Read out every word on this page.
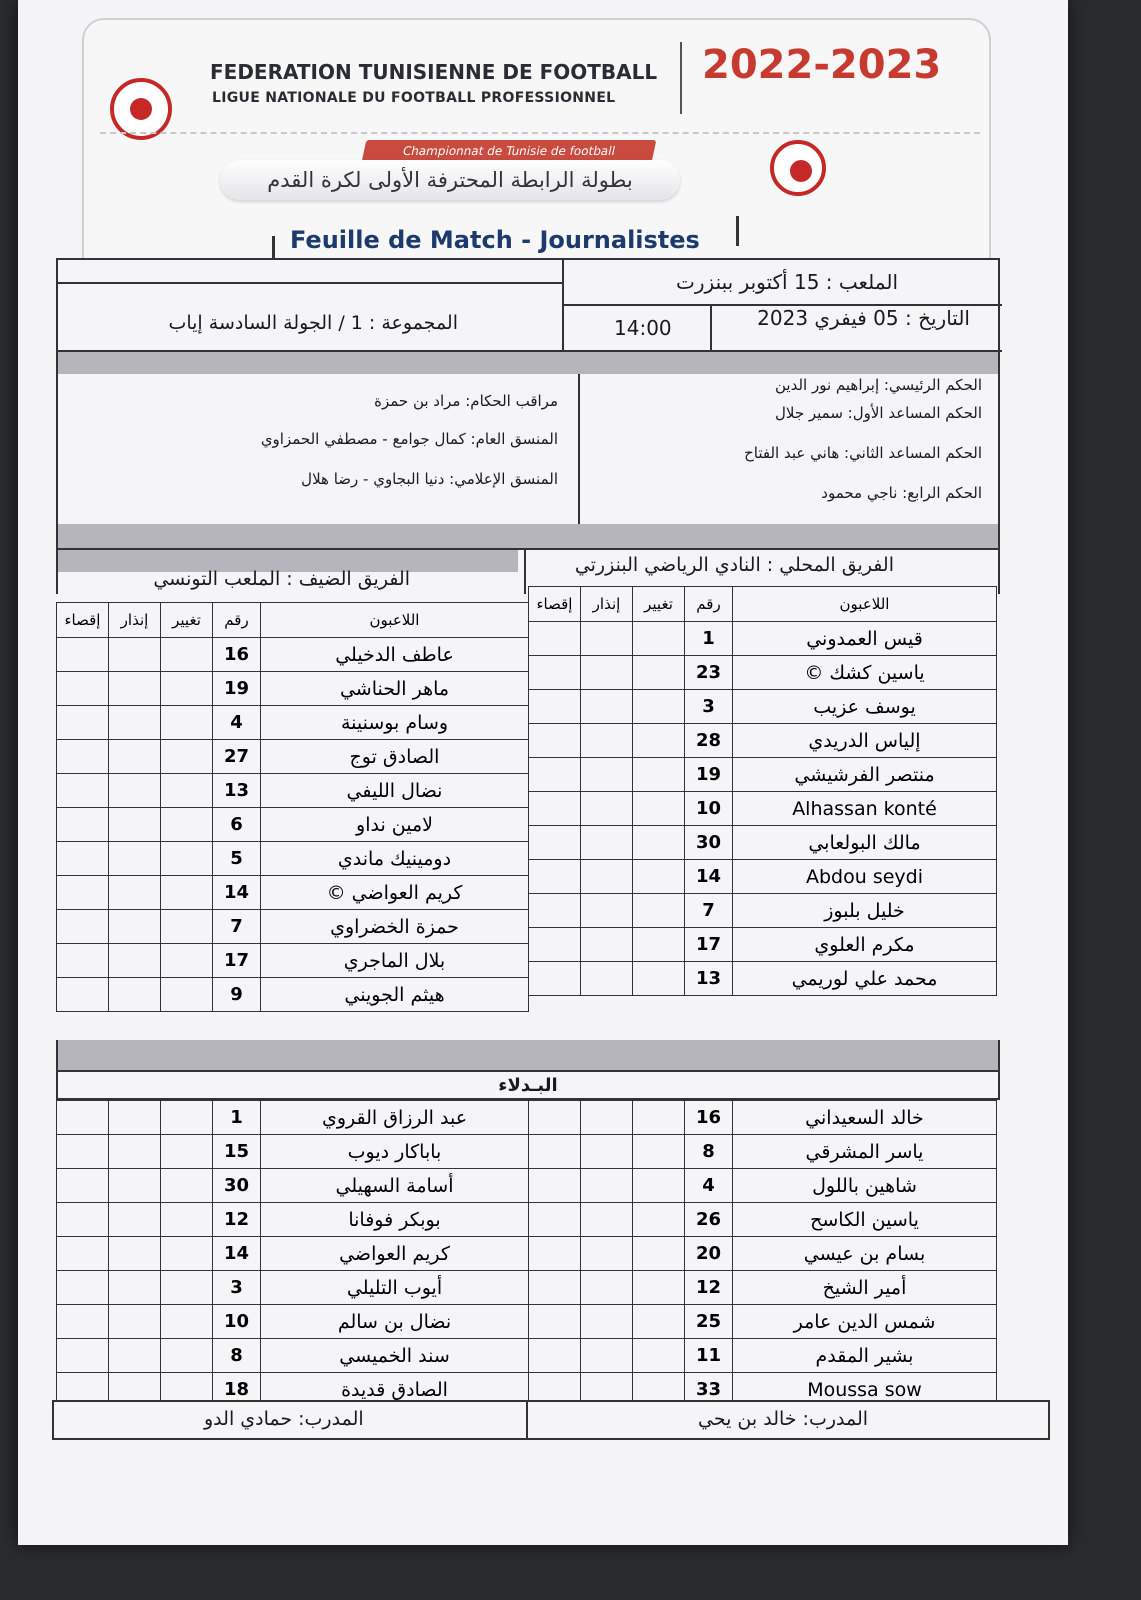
FEDERATION TUNISIENNE DE FOOTBALL
LIGUE NATIONALE DU FOOTBALL PROFESSIONNEL
2022-2023
Championnat de Tunisie de football
بطولة الرابطة المحترفة الأولى لكرة القدم
Feuille de Match - Journalistes
الملعب : 15 أكتوبر ببنزرت
التاريخ : 05 فيفري 2023
14:00
المجموعة : 1 / الجولة السادسة إياب
الحكم الرئيسي: إبراهيم نور الدين
الحكم المساعد الأول: سمير جلال
الحكم المساعد الثاني: هاني عبد الفتاح
الحكم الرابع: ناجي محمود
مراقب الحكام: مراد بن حمزة
المنسق العام: كمال جوامع - مصطفي الحمزاوي
المنسق الإعلامي: دنيا البجاوي - رضا هلال
الفريق المحلي : النادي الرياضي البنزرتي
الفريق الضيف : الملعب التونسي
إقصاء	إنذار	تغيير	رقم	اللاعبون
			16	عاطف الدخيلي
			19	ماهر الحناشي
			4	وسام بوسنينة
			27	الصادق توج
			13	نضال الليفي
			6	لامين نداو
			5	دومينيك ماندي
			14	كريم العواضي ©
			7	حمزة الخضراوي
			17	بلال الماجري
			9	هيثم الجويني
إقصاء	إنذار	تغيير	رقم	اللاعبون
			1	قيس العمدوني
			23	ياسين كشك ©
			3	يوسف عزيب
			28	إلياس الدريدي
			19	منتصر الفرشيشي
			10	Alhassan konté
			30	مالك البولعابي
			14	Abdou seydi
			7	خليل بلبوز
			17	مكرم العلوي
			13	محمد علي لوريمي
البـدلاء
			1	عبد الرزاق القروي
			15	باباكار ديوب
			30	أسامة السهيلي
			12	بوبكر فوفانا
			14	كريم العواضي
			3	أيوب التليلي
			10	نضال بن سالم
			8	سند الخميسي
			18	الصادق قديدة
			16	خالد السعيداني
			8	ياسر المشرقي
			4	شاهين باللول
			26	ياسين الكاسح
			20	بسام بن عيسي
			12	أمير الشيخ
			25	شمس الدين عامر
			11	بشير المقدم
			33	Moussa sow
المدرب: حمادي الدو	المدرب: خالد بن يحي
